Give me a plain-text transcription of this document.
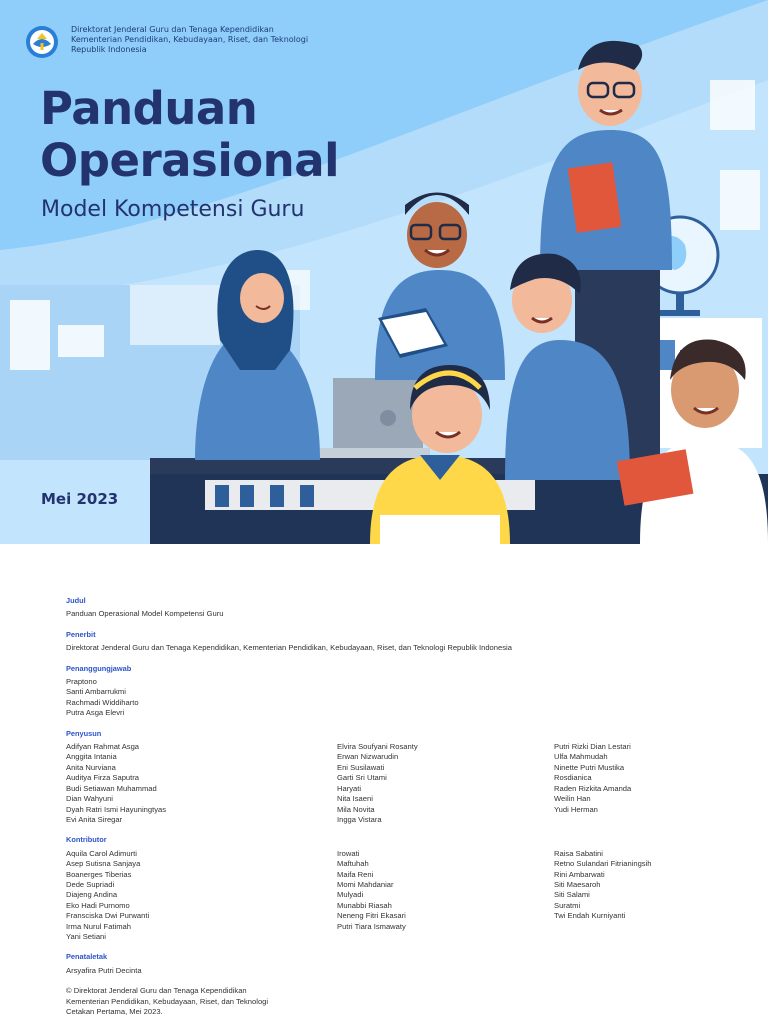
Direktorat Jenderal Guru dan Tenaga Kependidikan
Kementerian Pendidikan, Kebudayaan, Riset, dan Teknologi
Republik Indonesia
Panduan
Operasional
Model Kompetensi Guru
Mei 2023
Judul
Panduan Operasional Model Kompetensi Guru
Penerbit
Direktorat Jenderal Guru dan Tenaga Kependidikan, Kementerian Pendidikan, Kebudayaan, Riset, dan Teknologi Republik Indonesia
Penanggungjawab
Praptono
Santi Ambarrukmi
Rachmadi Widdiharto
Putra Asga Elevri
Penyusun
Adifyan Rahmat Asga
Anggita Intania
Anita Nurviana
Auditya Firza Saputra
Budi Setiawan Muhammad
Dian Wahyuni
Dyah Ratri Ismi Hayuningtyas
Evi Anita Siregar
Elvira Soufyani Rosanty
Erwan Nizwarudin
Eni Susilawati
Garti Sri Utami
Haryati
Nita Isaeni
Mila Novita
Ingga Vistara
Putri Rizki Dian Lestari
Ulfa Mahmudah
Ninette Putri Mustika
Rosdianica
Raden Rizkita Amanda
Weilin Han
Yudi Herman
Kontributor
Aquila Carol Adimurti
Asep Sutisna Sanjaya
Boanerges Tiberias
Dede Supriadi
Diajeng Andina
Eko Hadi Purnomo
Fransciska Dwi Purwanti
Irma Nurul Fatimah
Yani Setiani
Irowati
Maftuhah
Maifa Reni
Momi Mahdaniar
Mulyadi
Munabbi Riasah
Neneng Fitri Ekasari
Putri Tiara Ismawaty
Raisa Sabatini
Retno Sulandari Fitrianingsih
Rini Ambarwati
Siti Maesaroh
Siti Salami
Suratmi
Twi Endah Kurniyanti
Penataletak
Arsyafira Putri Decinta
© Direktorat Jenderal Guru dan Tenaga Kependidikan
Kementerian Pendidikan, Kebudayaan, Riset, dan Teknologi
Cetakan Pertama, Mei 2023.
